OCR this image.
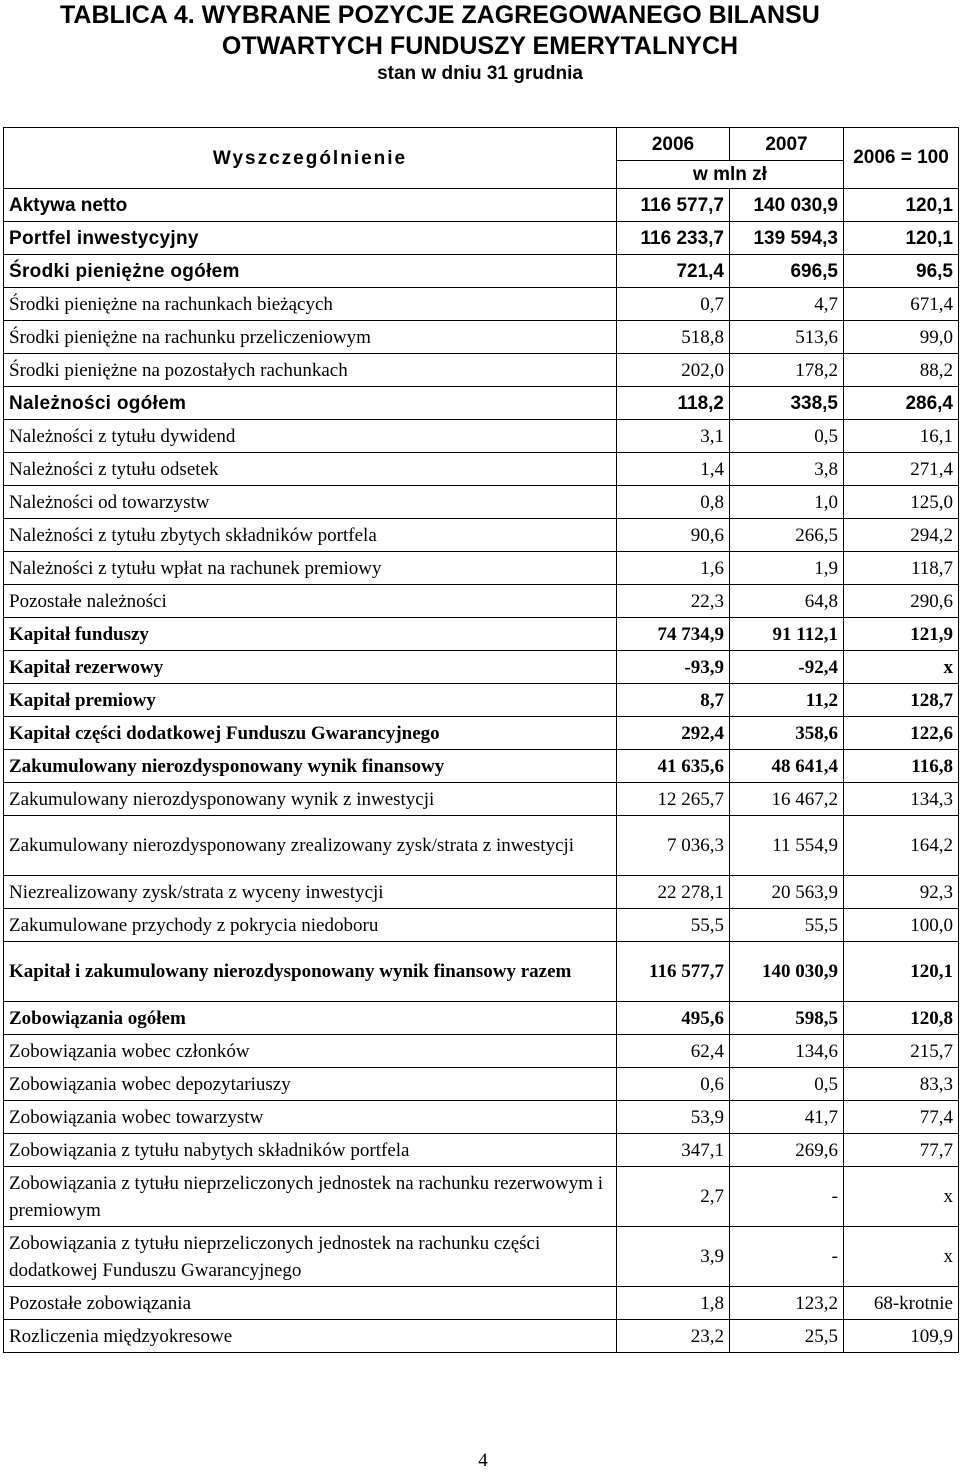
TABLICA 4. WYBRANE POZYCJE ZAGREGOWANEGO BILANSU
OTWARTYCH FUNDUSZY EMERYTALNYCH
stan w dniu 31 grudnia
Wyszczególnienie	2006	2007	2006 = 100
	w mln zł		
Aktywa netto	116 577,7	140 030,9	120,1
Portfel inwestycyjny	116 233,7	139 594,3	120,1
Środki pieniężne ogółem	721,4	696,5	96,5
Środki pieniężne na rachunkach bieżących	0,7	4,7	671,4
Środki pieniężne na rachunku przeliczeniowym	518,8	513,6	99,0
Środki pieniężne na pozostałych rachunkach	202,0	178,2	88,2
Należności ogółem	118,2	338,5	286,4
Należności z tytułu dywidend	3,1	0,5	16,1
Należności z tytułu odsetek	1,4	3,8	271,4
Należności od towarzystw	0,8	1,0	125,0
Należności z tytułu zbytych składników portfela	90,6	266,5	294,2
Należności z tytułu wpłat na rachunek premiowy	1,6	1,9	118,7
Pozostałe należności	22,3	64,8	290,6
Kapitał funduszy	74 734,9	91 112,1	121,9
Kapitał rezerwowy	-93,9	-92,4	x
Kapitał premiowy	8,7	11,2	128,7
Kapitał części dodatkowej Funduszu Gwarancyjnego	292,4	358,6	122,6
Zakumulowany nierozdysponowany wynik finansowy	41 635,6	48 641,4	116,8
Zakumulowany nierozdysponowany wynik z inwestycji	12 265,7	16 467,2	134,3
Zakumulowany nierozdysponowany zrealizowany zysk/strata z inwestycji	7 036,3	11 554,9	164,2
Niezrealizowany zysk/strata z wyceny inwestycji	22 278,1	20 563,9	92,3
Zakumulowane przychody z pokrycia niedoboru	55,5	55,5	100,0
Kapitał i zakumulowany nierozdysponowany wynik finansowy razem	116 577,7	140 030,9	120,1
Zobowiązania ogółem	495,6	598,5	120,8
Zobowiązania wobec członków	62,4	134,6	215,7
Zobowiązania wobec depozytariuszy	0,6	0,5	83,3
Zobowiązania wobec towarzystw	53,9	41,7	77,4
Zobowiązania z tytułu nabytych składników portfela	347,1	269,6	77,7
Zobowiązania z tytułu nieprzeliczonych jednostek na rachunku rezerwowym i premiowym	2,7	-	x
Zobowiązania z tytułu nieprzeliczonych jednostek na rachunku części dodatkowej Funduszu Gwarancyjnego	3,9	-	x
Pozostałe zobowiązania	1,8	123,2	68-krotnie
Rozliczenia międzyokresowe	23,2	25,5	109,9
4
